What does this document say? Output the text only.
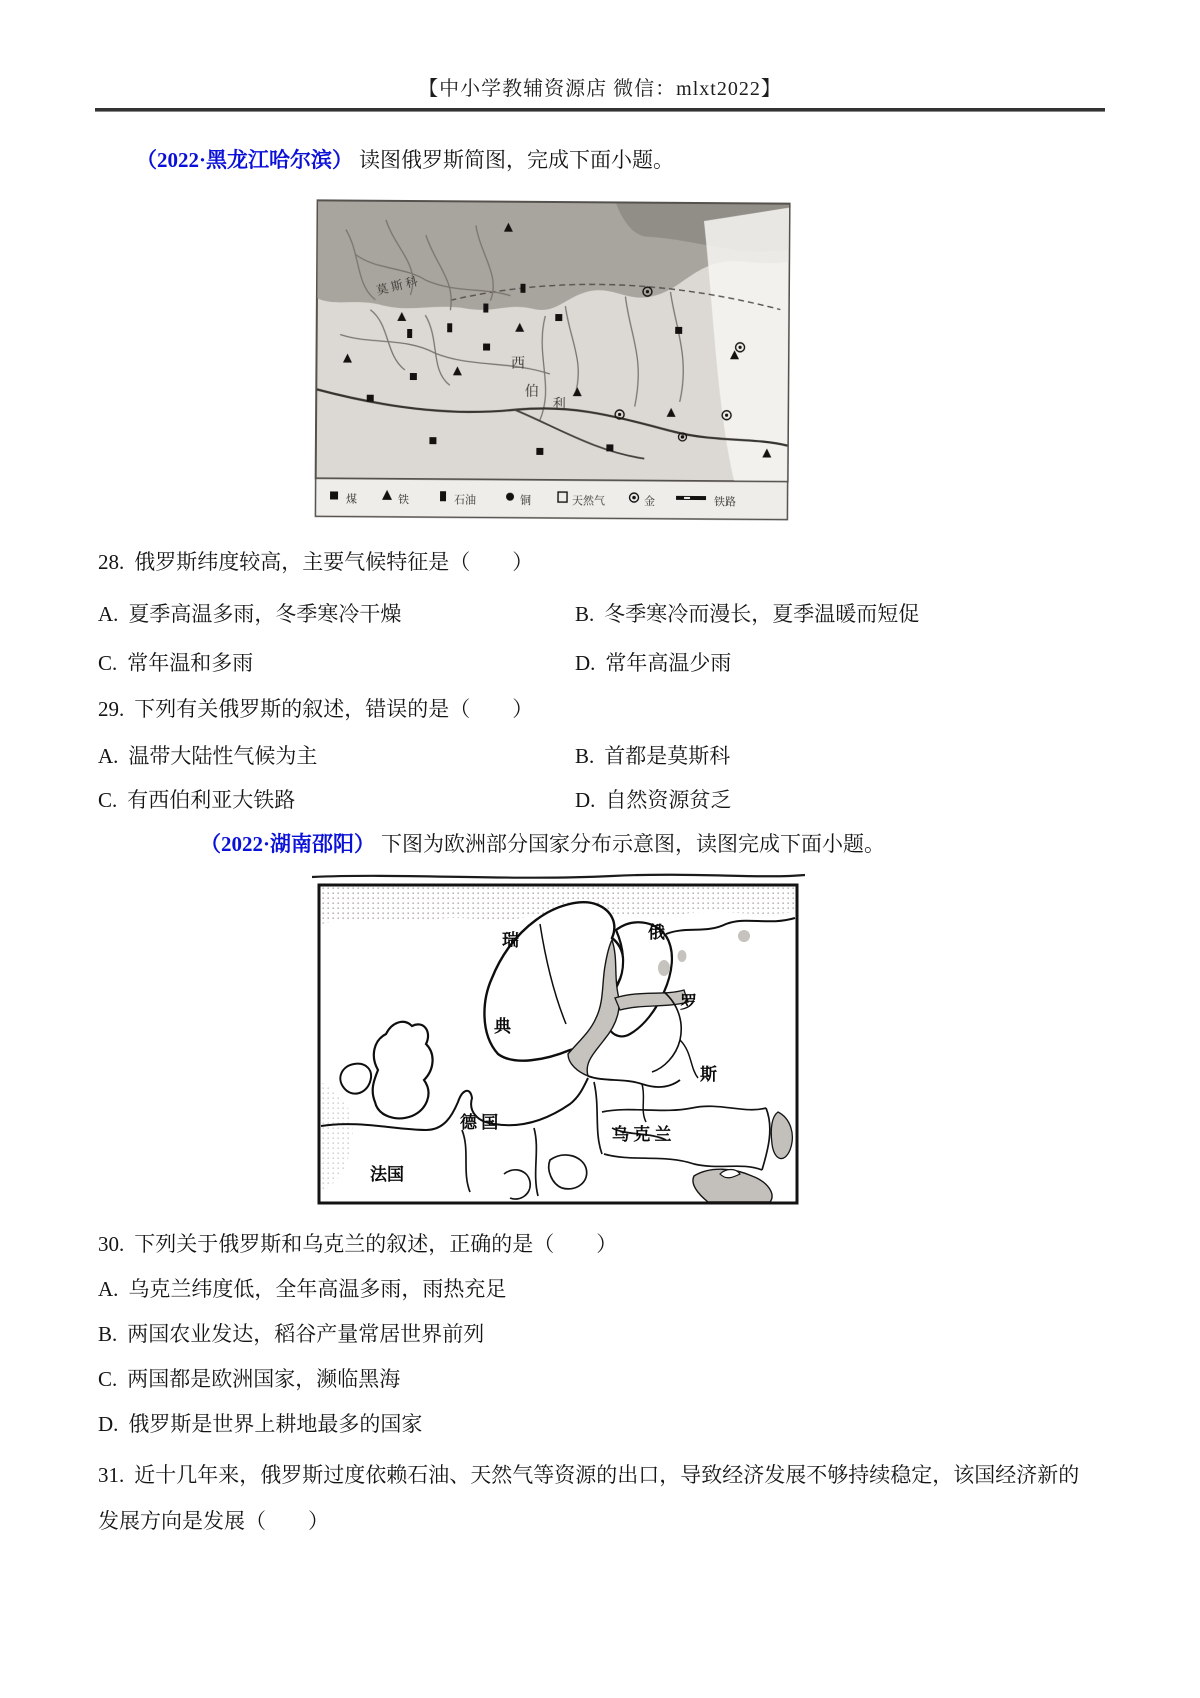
【中小学教辅资源店 微信：mlxt2022】
（2022·黑龙江哈尔滨） 读图俄罗斯简图，完成下面小题。
莫斯科
西
伯
利
煤	铁	石油	铜	天然气	金	铁路
28. 俄罗斯纬度较高，主要气候特征是（　　）
A. 夏季高温多雨，冬季寒冷干燥	B. 冬季寒冷而漫长，夏季温暖而短促
C. 常年温和多雨	D. 常年高温少雨
29. 下列有关俄罗斯的叙述，错误的是（　　）
A. 温带大陆性气候为主	B. 首都是莫斯科
C. 有西伯利亚大铁路	D. 自然资源贫乏
（2022·湖南邵阳） 下图为欧洲部分国家分布示意图，读图完成下面小题。
瑞
典
俄
罗
斯
德 国
乌 克 兰
法国
30. 下列关于俄罗斯和乌克兰的叙述，正确的是（　　）
A. 乌克兰纬度低，全年高温多雨，雨热充足
B. 两国农业发达，稻谷产量常居世界前列
C. 两国都是欧洲国家，濒临黑海
D. 俄罗斯是世界上耕地最多的国家
31. 近十几年来，俄罗斯过度依赖石油、天然气等资源的出口，导致经济发展不够持续稳定，该国经济新的发展方向是发展（　　）
